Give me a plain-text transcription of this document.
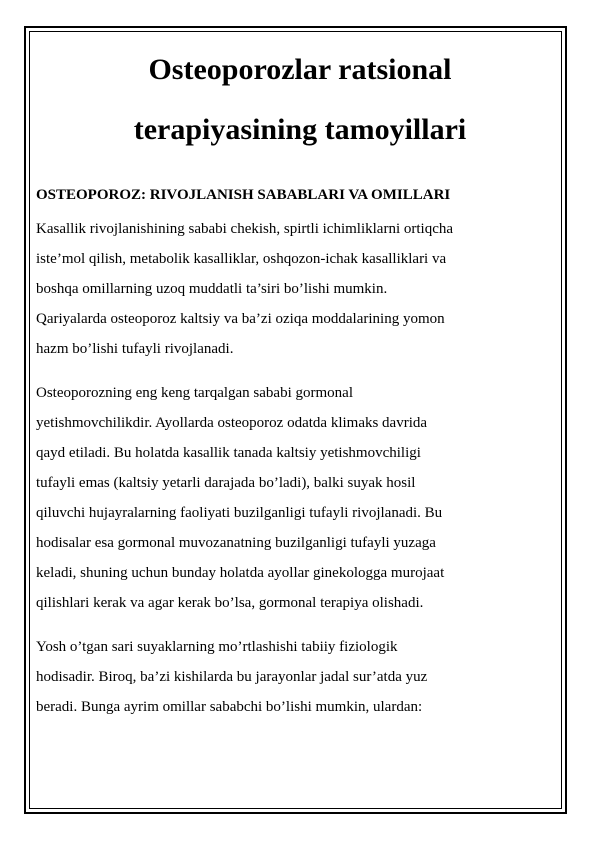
Osteoporozlar ratsional
terapiyasining tamoyillari

OSTEOPOROZ: RIVOJLANISH SABABLARI VA OMILLARI

Kasallik rivojlanishining sababi chekish, spirtli ichimliklarni ortiqcha
iste’mol qilish, metabolik kasalliklar, oshqozon-ichak kasalliklari va
boshqa omillarning uzoq muddatli ta’siri bo’lishi mumkin.
Qariyalarda osteoporoz kaltsiy va ba’zi oziqa moddalarining yomon
hazm bo’lishi tufayli rivojlanadi.

Osteoporozning eng keng tarqalgan sababi gormonal
yetishmovchilikdir. Ayollarda osteoporoz odatda klimaks davrida
qayd etiladi. Bu holatda kasallik tanada kaltsiy yetishmovchiligi
tufayli emas (kaltsiy yetarli darajada bo’ladi), balki suyak hosil
qiluvchi hujayralarning faoliyati buzilganligi tufayli rivojlanadi. Bu
hodisalar esa gormonal muvozanatning buzilganligi tufayli yuzaga
keladi, shuning uchun bunday holatda ayollar ginekologga murojaat
qilishlari kerak va agar kerak bo’lsa, gormonal terapiya olishadi.

Yosh o’tgan sari suyaklarning mo’rtlashishi tabiiy fiziologik
hodisadir. Biroq, ba’zi kishilarda bu jarayonlar jadal sur’atda yuz
beradi. Bunga ayrim omillar sababchi bo’lishi mumkin, ulardan:
